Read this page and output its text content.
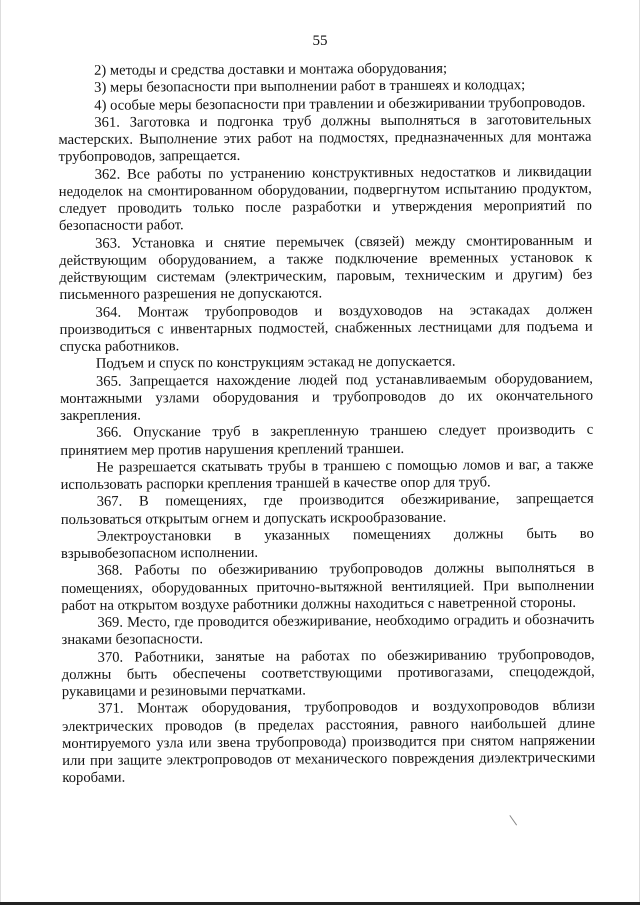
55

2) методы и средства доставки и монтажа оборудования;

3) меры безопасности при выполнении работ в траншеях и колодцах;

4) особые меры безопасности при травлении и обезжиривании трубопроводов.

361. Заготовка и подгонка труб должны выполняться в заготовительных мастерских. Выполнение этих работ на подмостях, предназначенных для монтажа трубопроводов, запрещается.

362. Все работы по устранению конструктивных недостатков и ликвидации недоделок на смонтированном оборудовании, подвергнутом испытанию продуктом, следует проводить только после разработки и утверждения мероприятий по безопасности работ.

363. Установка и снятие перемычек (связей) между смонтированным и действующим оборудованием, а также подключение временных установок к действующим системам (электрическим, паровым, техническим и другим) без письменного разрешения не допускаются.

364. Монтаж трубопроводов и воздуховодов на эстакадах должен производиться с инвентарных подмостей, снабженных лестницами для подъема и спуска работников.

Подъем и спуск по конструкциям эстакад не допускается.

365. Запрещается нахождение людей под устанавливаемым оборудованием, монтажными узлами оборудования и трубопроводов до их окончательного закрепления.

366. Опускание труб в закрепленную траншею следует производить с принятием мер против нарушения креплений траншеи.

Не разрешается скатывать трубы в траншею с помощью ломов и ваг, а также использовать распорки крепления траншей в качестве опор для труб.

367. В помещениях, где производится обезжиривание, запрещается пользоваться открытым огнем и допускать искрообразование.

Электроустановки в указанных помещениях должны быть во взрывобезопасном исполнении.

368. Работы по обезжириванию трубопроводов должны выполняться в помещениях, оборудованных приточно-вытяжной вентиляцией. При выполнении работ на открытом воздухе работники должны находиться с наветренной стороны.

369. Место, где проводится обезжиривание, необходимо оградить и обозначить знаками безопасности.

370. Работники, занятые на работах по обезжириванию трубопроводов, должны быть обеспечены соответствующими противогазами, спецодеждой, рукавицами и резиновыми перчатками.

371. Монтаж оборудования, трубопроводов и воздухопроводов вблизи электрических проводов (в пределах расстояния, равного наибольшей длине монтируемого узла или звена трубопровода) производится при снятом напряжении или при защите электропроводов от механического повреждения диэлектрическими коробами.
